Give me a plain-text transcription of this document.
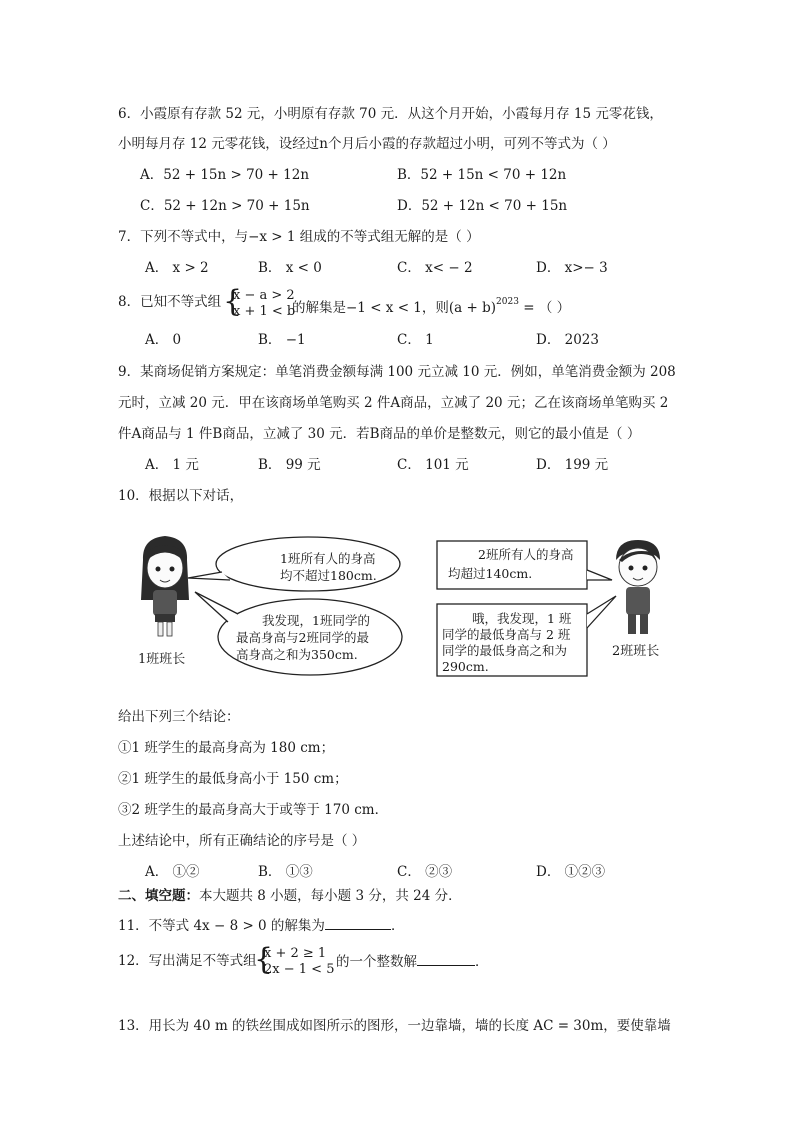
6．小霞原有存款 52 元，小明原有存款 70 元．从这个月开始，小霞每月存 15 元零花钱，
小明每月存 12 元零花钱，设经过n个月后小霞的存款超过小明，可列不等式为（ ）
A．52 + 15n > 70 + 12n	B．52 + 15n < 70 + 12n
C．52 + 12n > 70 + 15n	D．52 + 12n < 70 + 15n
7．下列不等式中，与−x > 1 组成的不等式组无解的是（ ）
A． x > 2	B． x < 0	C． x< − 2	D． x>− 3
8．已知不等式组 {
x − a > 2
x + 1 < b
的解集是−1 < x < 1，则$(a + b)^{2023}$ = （ ）
A． 0	B． −1	C． 1	D． 2023
9．某商场促销方案规定：单笔消费金额每满 100 元立减 10 元．例如，单笔消费金额为 208
元时，立减 20 元．甲在该商场单笔购买 2 件A商品，立减了 20 元；乙在该商场单笔购买 2
件A商品与 1 件B商品，立减了 30 元．若B商品的单价是整数元，则它的最小值是（ ）
A． 1 元	B． 99 元	C． 101 元	D． 199 元
10．根据以下对话，
1班所有人的身高
均不超过180cm.
我发现，1班同学的
最高身高与2班同学的最
高身高之和为350cm.
2班所有人的身高
均超过140cm.
哦，我发现，1 班
同学的最低身高与 2 班
同学的最低身高之和为
290cm.
1班班长
2班班长
给出下列三个结论：
①1 班学生的最高身高为 180 cm；
②1 班学生的最低身高小于 150 cm；
③2 班学生的最高身高大于或等于 170 cm．
上述结论中，所有正确结论的序号是（ ）
A． ①②	B． ①③	C． ②③	D． ①②③
二、填空题：本大题共 8 小题，每小题 3 分，共 24 分．
11．不等式 4x − 8 > 0 的解集为	．
12．写出满足不等式组
{
x + 2 ≥ 1
2x − 1 < 5 的一个整数解	．
13．用长为 40 m 的铁丝围成如图所示的图形，一边靠墙，墙的长度 AC = 30m，要使靠墙
